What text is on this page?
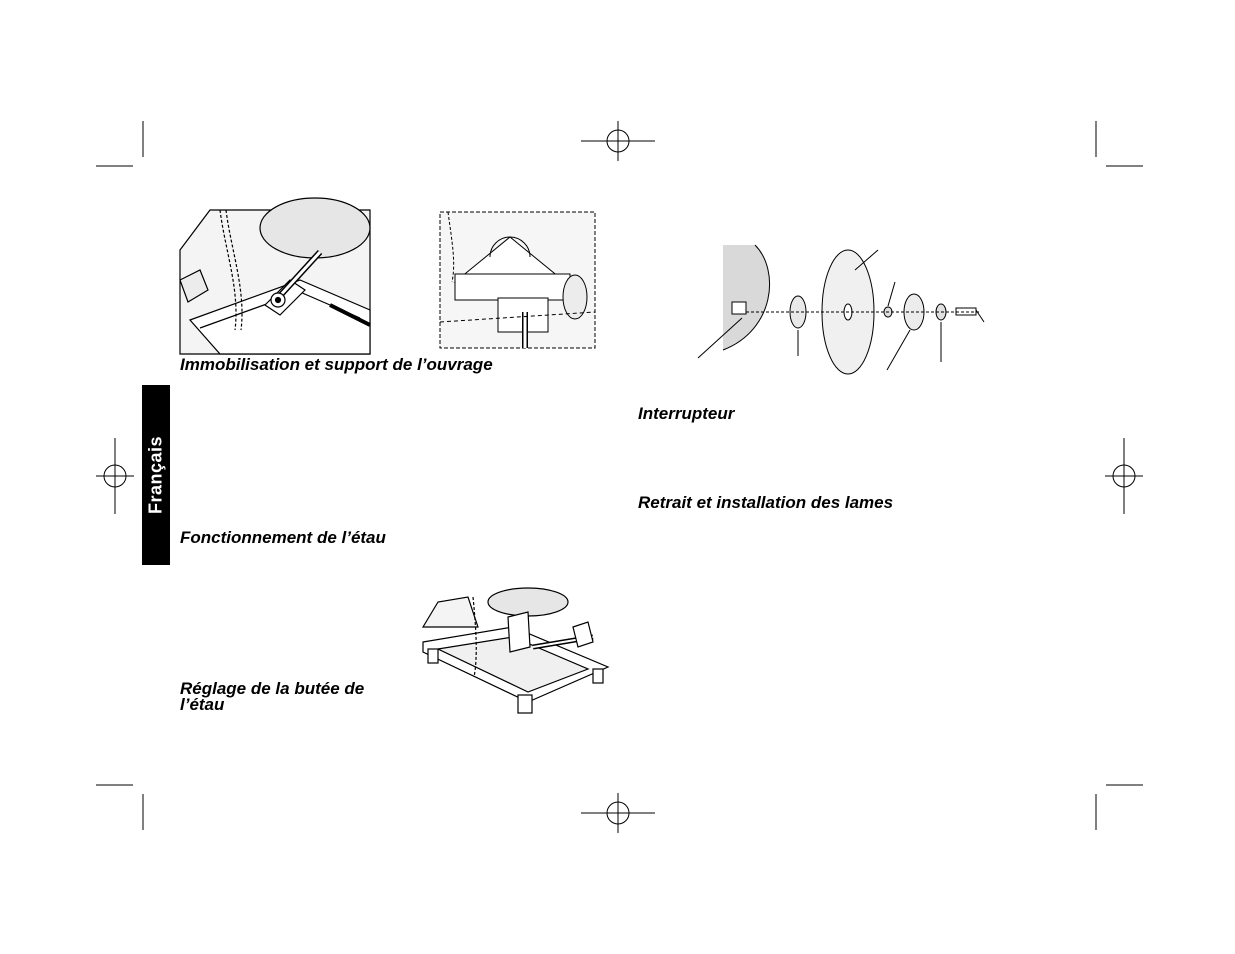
Français
Immobilisation et support de l’ouvrage
Fonctionnement de l’étau
Réglage de la butée de
l’étau
Interrupteur
Retrait et installation des lames
